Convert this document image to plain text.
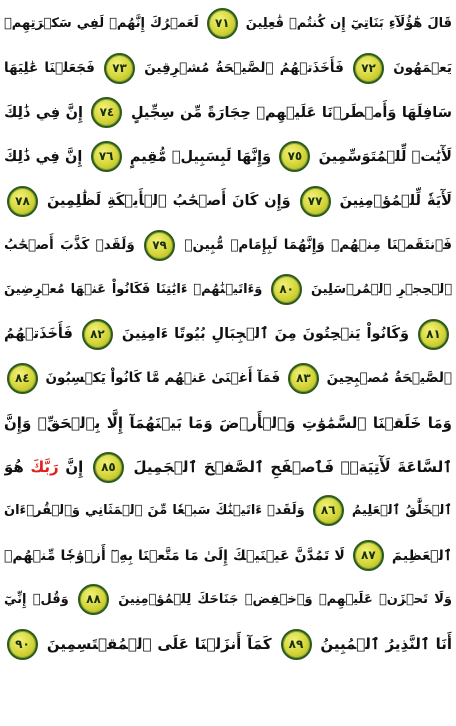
قَالَ هَٰٓؤُلَآءِ بَنَاتِيٓ إِن كُنتُمۡ فَٰعِلِينَ ٧١ لَعَمۡرُكَ إِنَّهُمۡ لَفِي سَكۡرَتِهِمۡ
يَعۡمَهُونَ ٧٢ فَأَخَذَتۡهُمُ ٱلصَّيۡحَةُ مُشۡرِقِينَ ٧٣ فَجَعَلۡنَا عَٰلِيَهَا
سَافِلَهَا وَأَمۡطَرۡنَا عَلَيۡهِمۡ حِجَارَةً مِّن سِجِّيلٍ ٧٤ إِنَّ فِي ذَٰلِكَ
لَأٓيَٰتٖ لِّلۡمُتَوَسِّمِينَ ٧٥ وَإِنَّهَا لَبِسَبِيلٖ مُّقِيمٍ ٧٦ إِنَّ فِي ذَٰلِكَ
لَأٓيَةٗ لِّلۡمُؤۡمِنِينَ ٧٧ وَإِن كَانَ أَصۡحَٰبُ ٱلۡأَيۡكَةِ لَظَٰلِمِينَ ٧٨
فَٱنتَقَمۡنَا مِنۡهُمۡ وَإِنَّهُمَا لَبِإِمَامٖ مُّبِينٖ ٧٩ وَلَقَدۡ كَذَّبَ أَصۡحَٰبُ
ٱلۡحِجۡرِ ٱلۡمُرۡسَلِينَ ٨٠ وَءَاتَيۡنَٰهُمۡ ءَايَٰتِنَا فَكَانُواْ عَنۡهَا مُعۡرِضِينَ
٨١ وَكَانُواْ يَنۡحِتُونَ مِنَ ٱلۡجِبَالِ بُيُوتًا ءَامِنِينَ ٨٢ فَأَخَذَتۡهُمُ
ٱلصَّيۡحَةُ مُصۡبِحِينَ ٨٣ فَمَآ أَغۡنَىٰ عَنۡهُم مَّا كَانُواْ يَكۡسِبُونَ ٨٤
وَمَا خَلَقۡنَا ٱلسَّمَٰوَٰتِ وَٱلۡأَرۡضَ وَمَا بَيۡنَهُمَآ إِلَّا بِٱلۡحَقِّۗ وَإِنَّ
ٱلسَّاعَةَ لَأٓتِيَةٞۖ فَٱصۡفَحِ ٱلصَّفۡحَ ٱلۡجَمِيلَ ٨٥ إِنَّ رَبَّكَ هُوَ
ٱلۡخَلَّٰقُ ٱلۡعَلِيمُ ٨٦ وَلَقَدۡ ءَاتَيۡنَٰكَ سَبۡعٗا مِّنَ ٱلۡمَثَانِي وَٱلۡقُرۡءَانَ
ٱلۡعَظِيمَ ٨٧ لَا تَمُدَّنَّ عَيۡنَيۡكَ إِلَىٰ مَا مَتَّعۡنَا بِهِۦٓ أَزۡوَٰجٗا مِّنۡهُمۡ
وَلَا تَحۡزَنۡ عَلَيۡهِمۡ وَٱخۡفِضۡ جَنَاحَكَ لِلۡمُؤۡمِنِينَ ٨٨ وَقُلۡ إِنِّيٓ
أَنَا ٱلنَّذِيرُ ٱلۡمُبِينُ ٨٩ كَمَآ أَنزَلۡنَا عَلَى ٱلۡمُقۡتَسِمِينَ ٩٠
